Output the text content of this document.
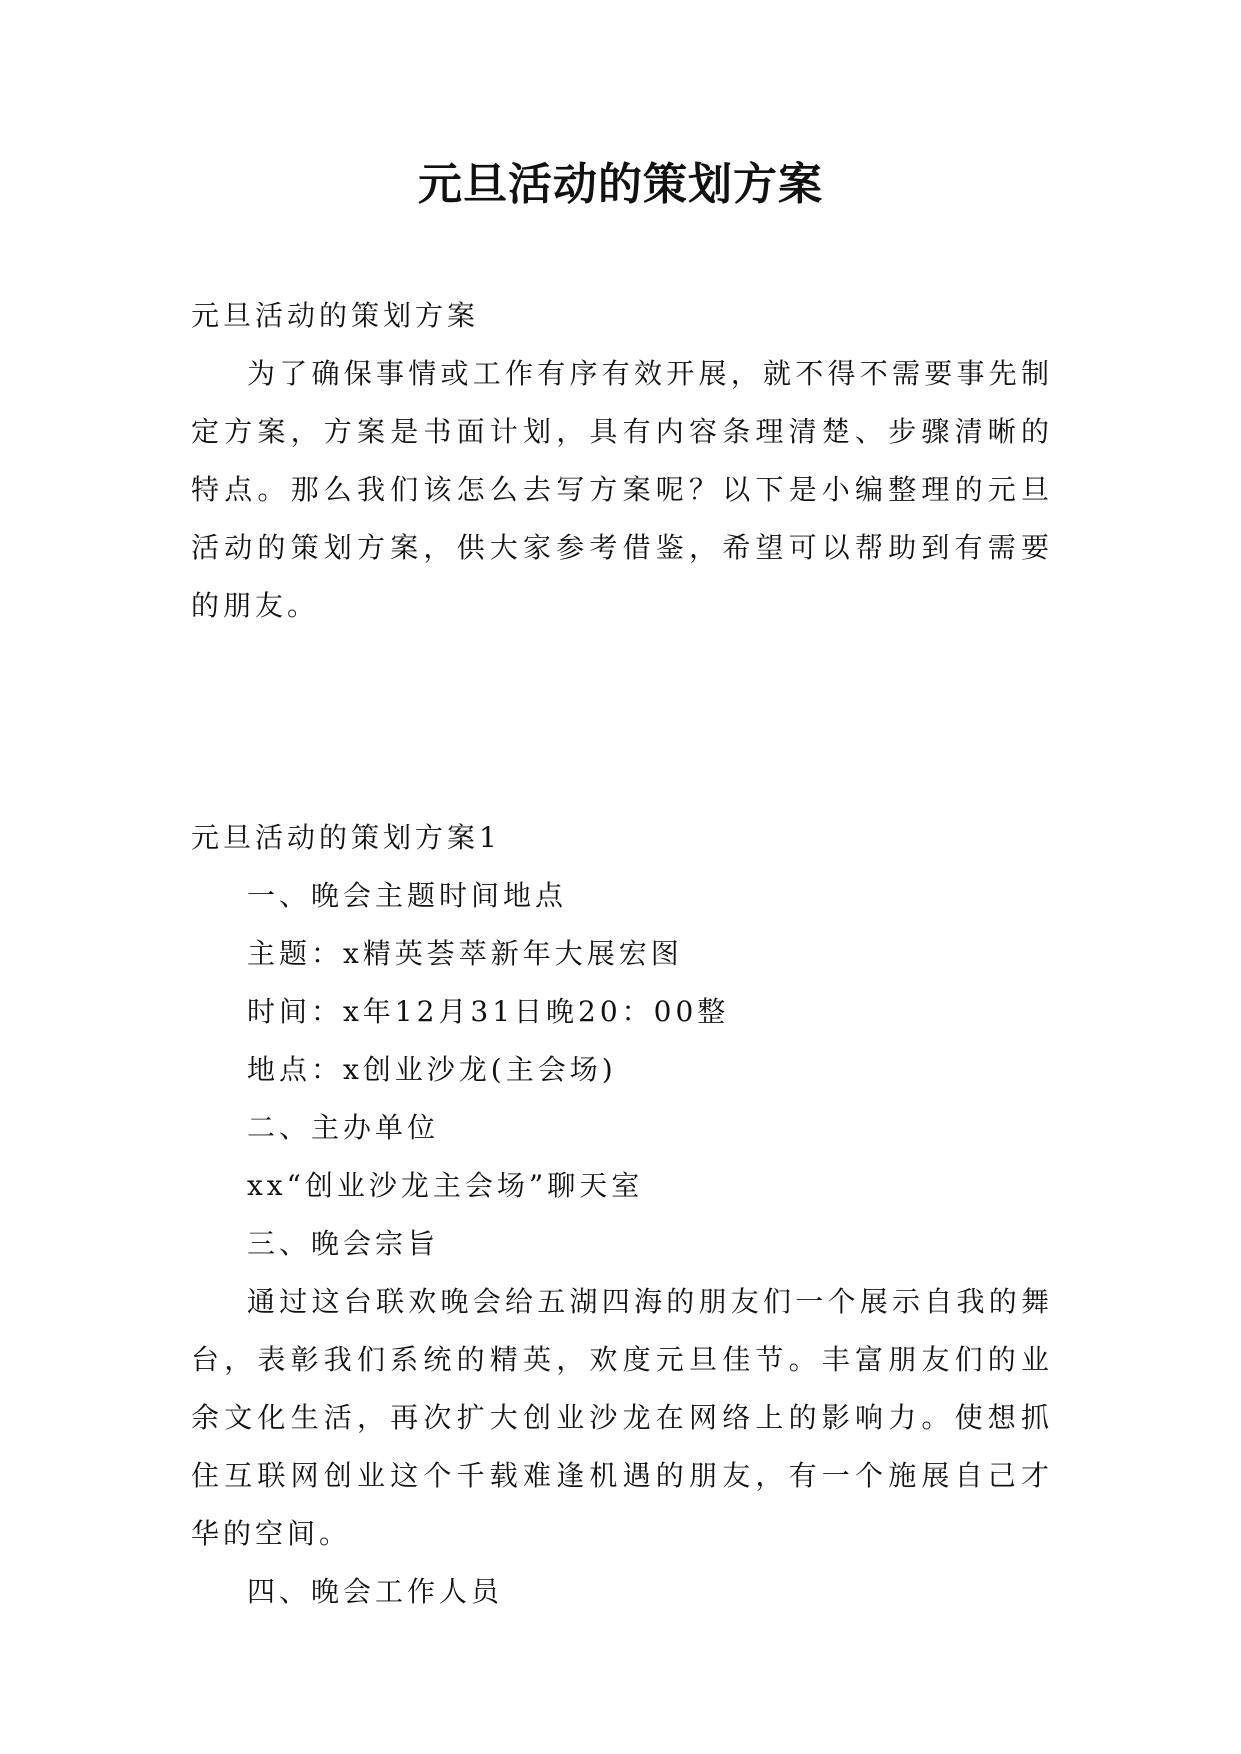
元旦活动的策划方案

元旦活动的策划方案

为了确保事情或工作有序有效开展，就不得不需要事先制定方案，方案是书面计划，具有内容条理清楚、步骤清晰的特点。那么我们该怎么去写方案呢？以下是小编整理的元旦活动的策划方案，供大家参考借鉴，希望可以帮助到有需要的朋友。

元旦活动的策划方案1

一、晚会主题时间地点

主题：x精英荟萃新年大展宏图

时间：x年12月31日晚20：00整

地点：x创业沙龙(主会场)

二、主办单位

xx“创业沙龙主会场”聊天室

三、晚会宗旨

通过这台联欢晚会给五湖四海的朋友们一个展示自我的舞台，表彰我们系统的精英，欢度元旦佳节。丰富朋友们的业余文化生活，再次扩大创业沙龙在网络上的影响力。使想抓住互联网创业这个千载难逢机遇的朋友，有一个施展自己才华的空间。

四、晚会工作人员
